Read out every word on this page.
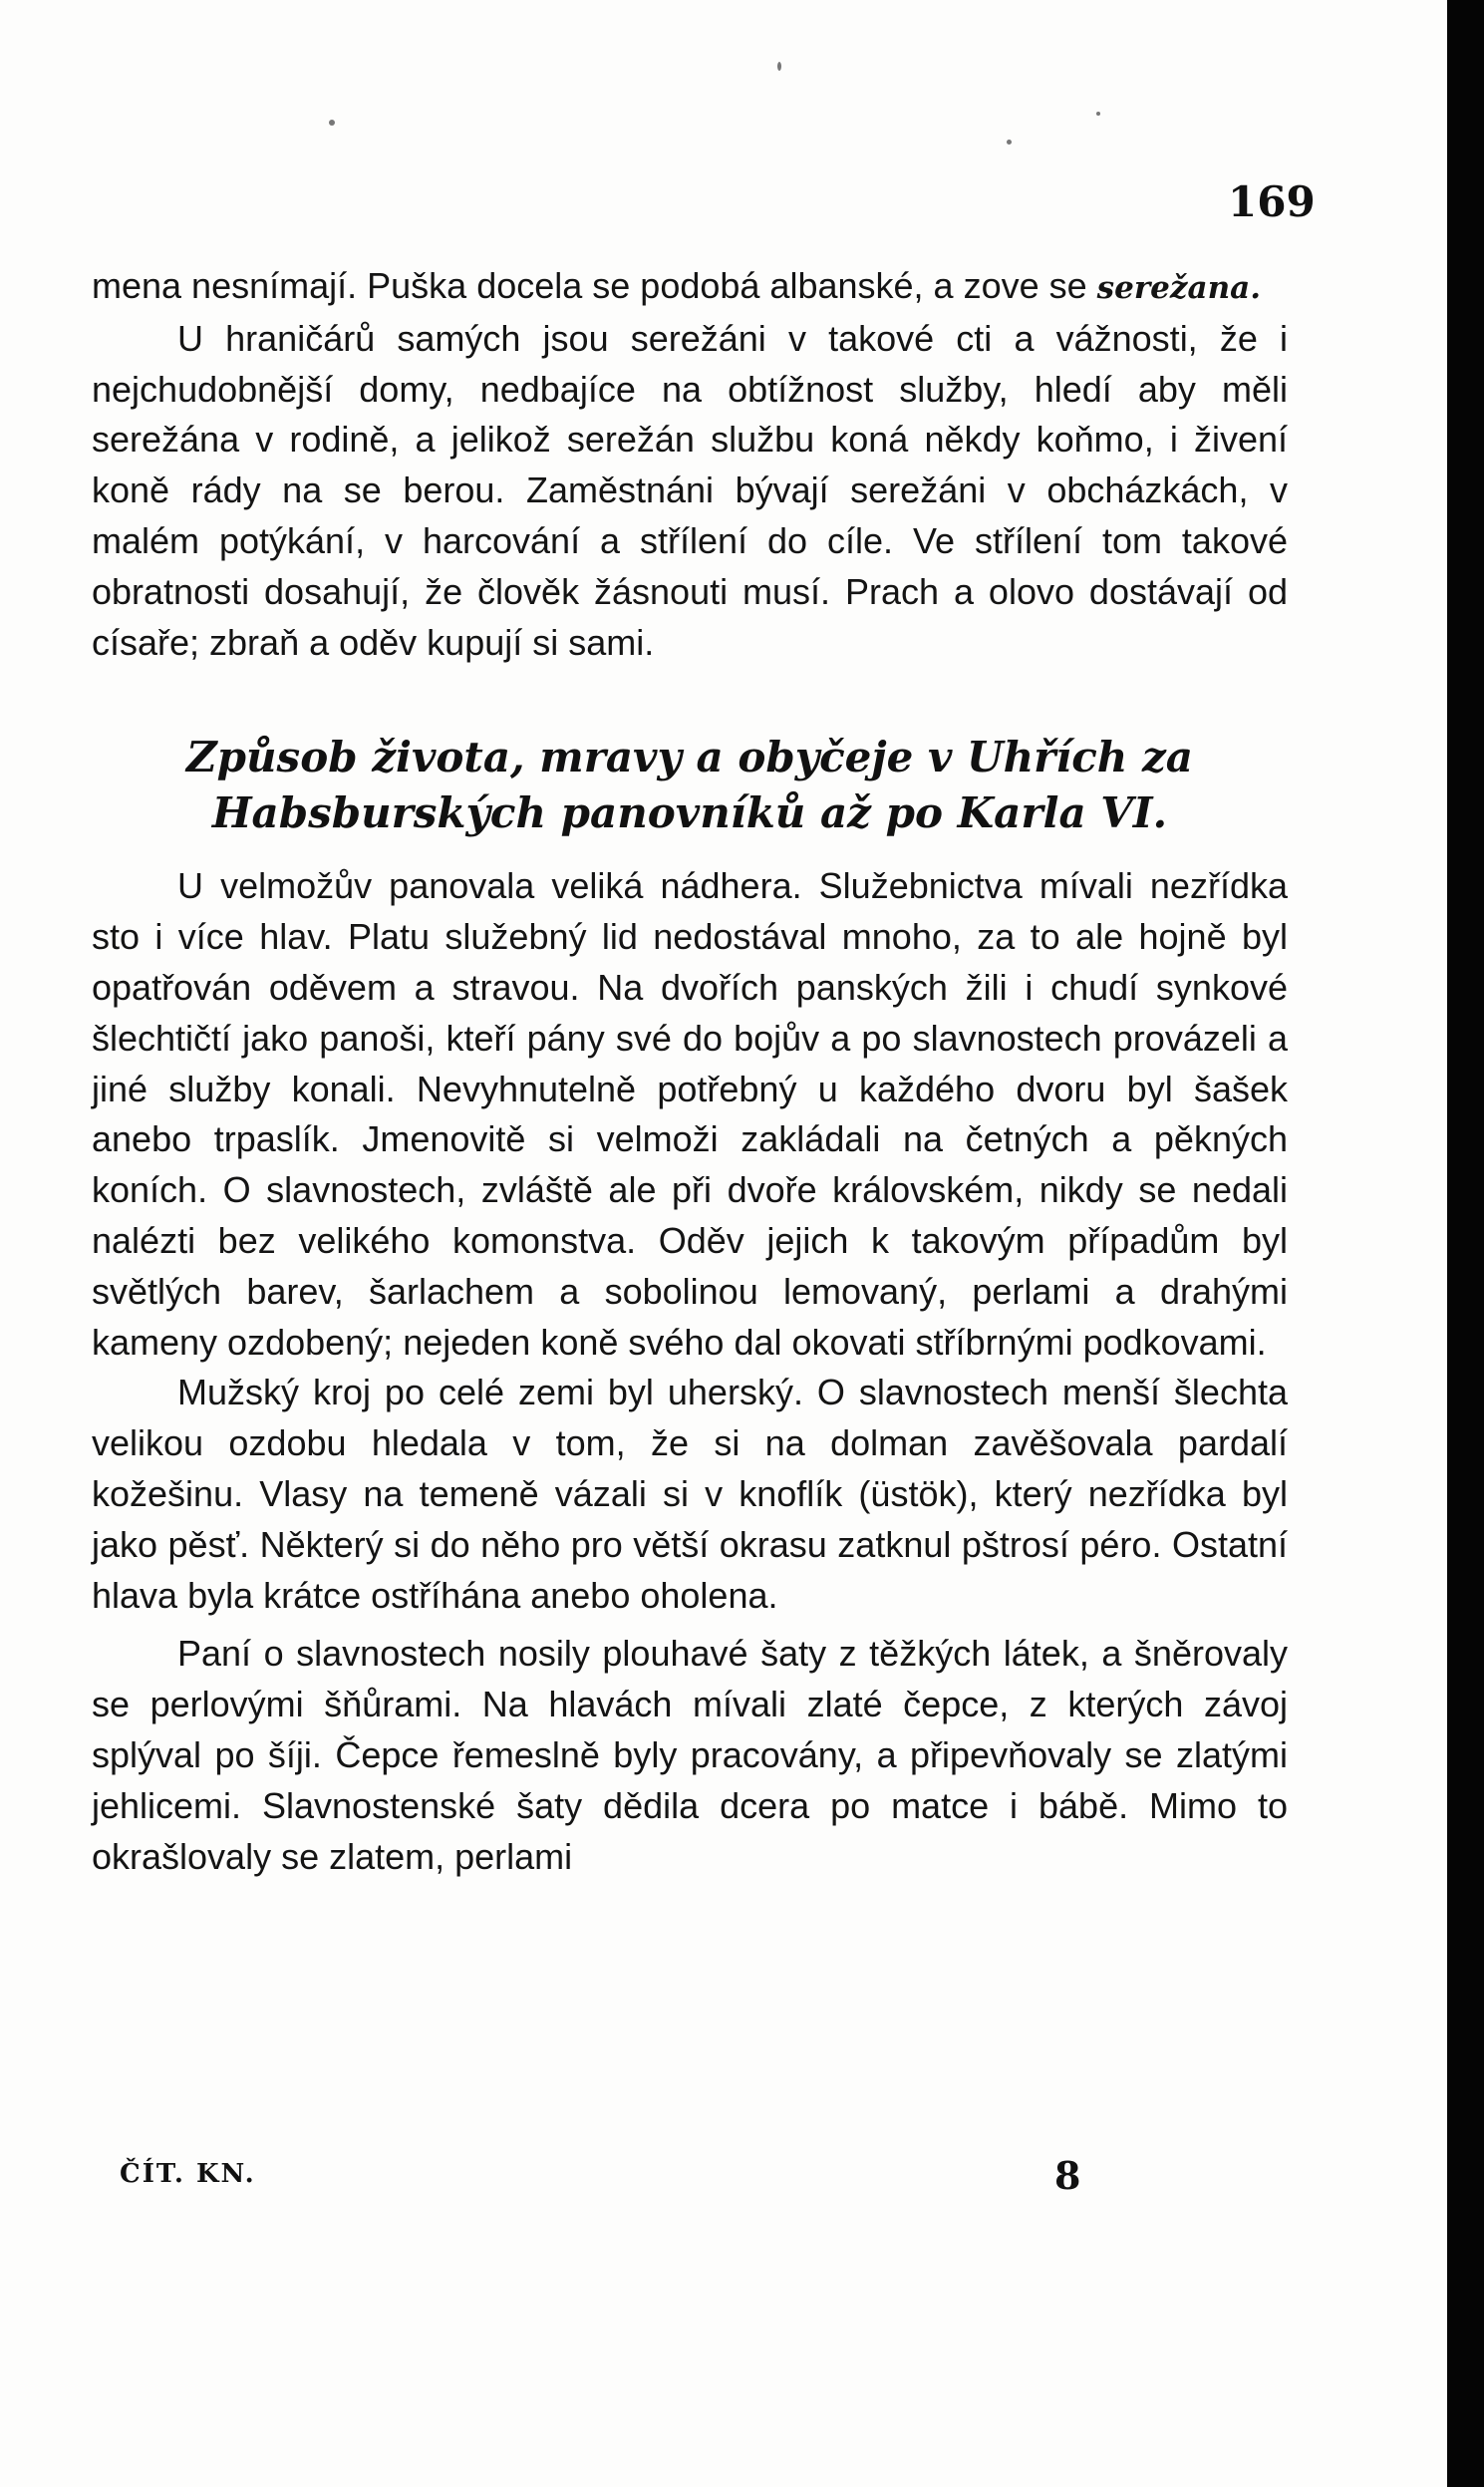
169

mena nesnímají. Puška docela se podobá albanské, a zove se serežana.

U hraničárů samých jsou serežáni v takové cti a vážnosti, že i nejchudobnější domy, nedbajíce na obtížnost služby, hledí aby měli serežána v rodině, a jelikož serežán službu koná někdy koňmo, i živení koně rády na se berou. Zaměstnáni bývají serežáni v obcházkách, v malém potýkání, v harcování a střílení do cíle. Ve střílení tom takové obratnosti dosahují, že člověk žásnouti musí. Prach a olovo dostávají od císaře; zbraň a oděv kupují si sami.

Způsob života, mravy a obyčeje v Uhřích za Habsburských panovníků až po Karla VI.

U velmožův panovala veliká nádhera. Služebnictva mívali nezřídka sto i více hlav. Platu služebný lid nedostával mnoho, za to ale hojně byl opatřován oděvem a stravou. Na dvořích panských žili i chudí synkové šlechtičtí jako panoši, kteří pány své do bojův a po slavnostech provázeli a jiné služby konali. Nevyhnutelně potřebný u každého dvoru byl šašek anebo trpaslík. Jmenovitě si velmoži zakládali na četných a pěkných koních. O slavnostech, zvláště ale při dvoře královském, nikdy se nedali nalézti bez velikého komonstva. Oděv jejich k takovým případům byl světlých barev, šarlachem a sobolinou lemovaný, perlami a drahými kameny ozdobený; nejeden koně svého dal okovati stříbrnými podkovami.

Mužský kroj po celé zemi byl uherský. O slavnostech menší šlechta velikou ozdobu hledala v tom, že si na dolman zavěšovala pardalí kožešinu. Vlasy na temeně vázali si v knoflík (üstök), který nezřídka byl jako pěsť. Některý si do něho pro větší okrasu zatknul pštrosí péro. Ostatní hlava byla krátce ostříhána anebo oholena.

Paní o slavnostech nosily plouhavé šaty z těžkých látek, a šněrovaly se perlovými šňůrami. Na hlavách mívali zlaté čepce, z kterých závoj splýval po šíji. Čepce řemeslně byly pracovány, a připevňovaly se zlatými jehlicemi. Slavnostenské šaty dědila dcera po matce i bábě. Mimo to okrašlovaly se zlatem, perlami

ČÍT. KN.	8
